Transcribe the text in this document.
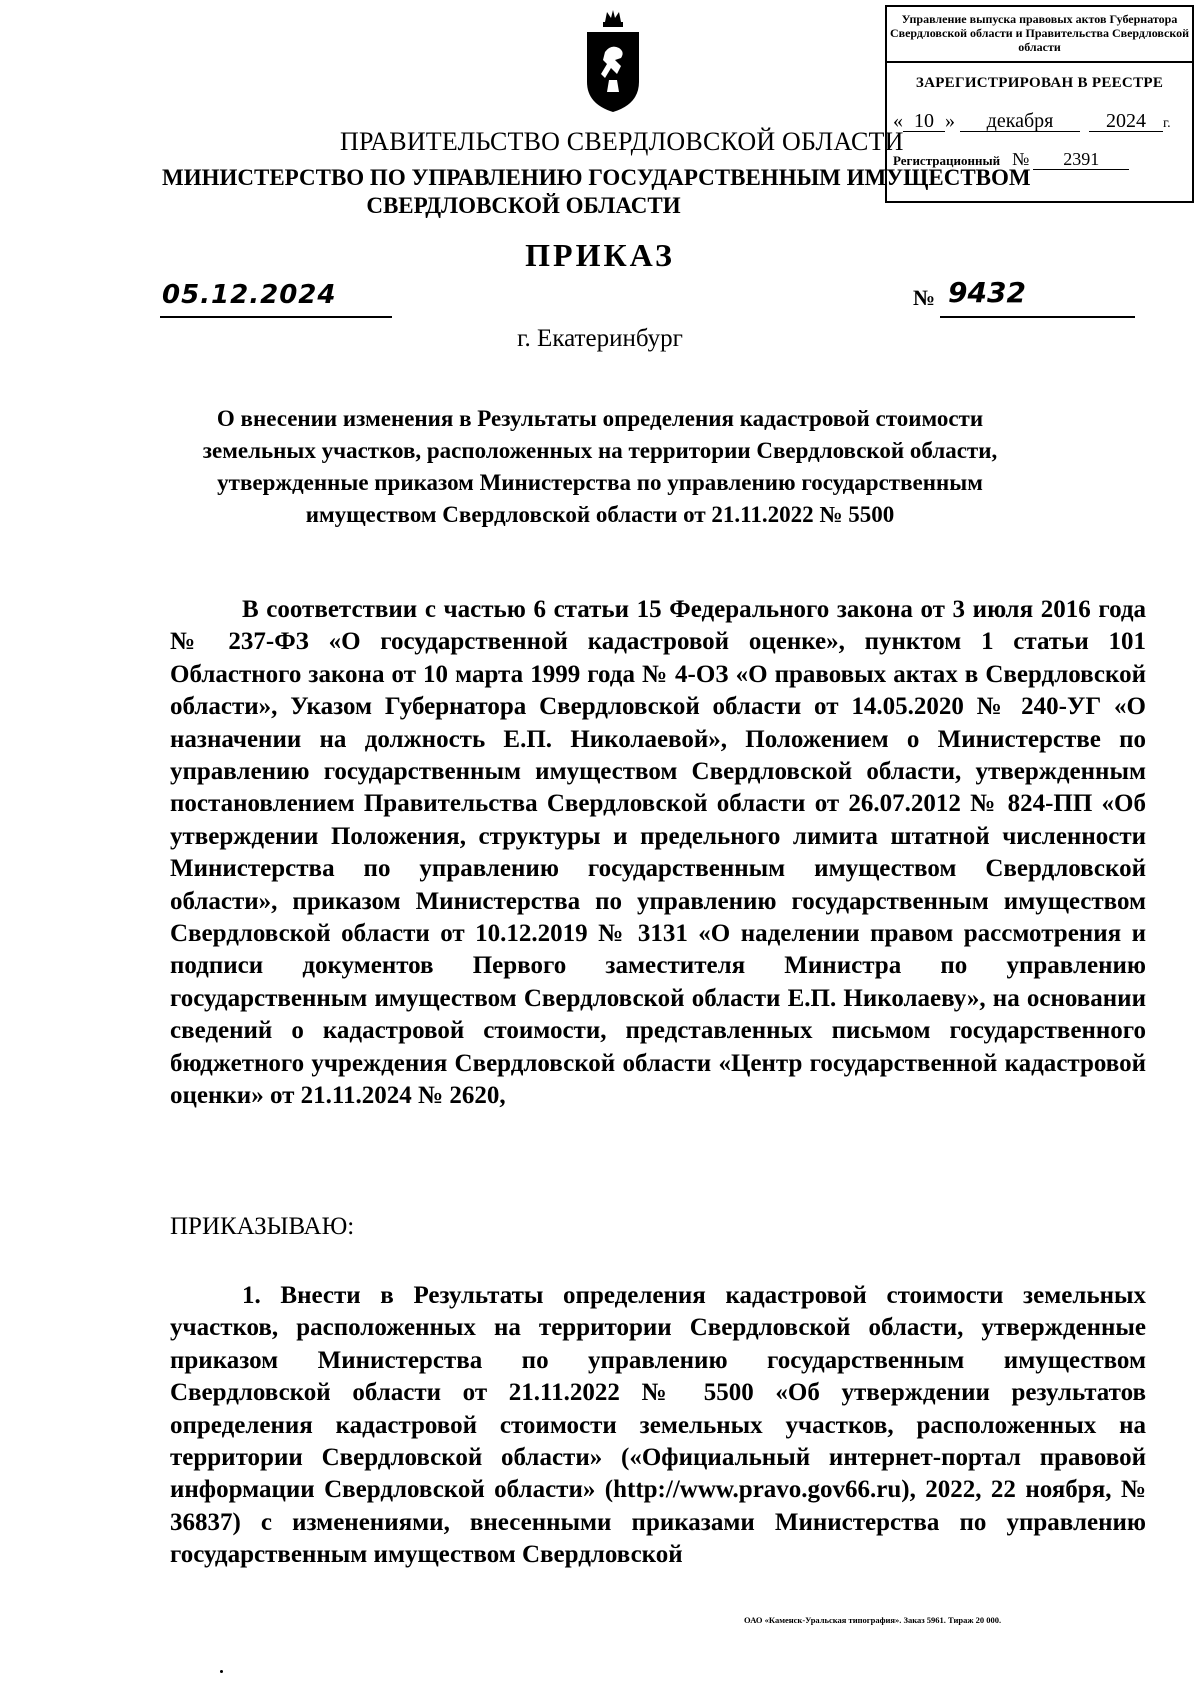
Управление выпуска правовых актов Губернатора Свердловской области и Правительства Свердловской области
ЗАРЕГИСТРИРОВАН В РЕЕСТРЕ
« 10 » декабря	2024 г.
Регистрационный № 2391
ПРАВИТЕЛЬСТВО СВЕРДЛОВСКОЙ ОБЛАСТИ
МИНИСТЕРСТВО ПО УПРАВЛЕНИЮ ГОСУДАРСТВЕННЫМ ИМУЩЕСТВОМ
СВЕРДЛОВСКОЙ ОБЛАСТИ
ПРИКАЗ
05.12.2024	№ 9432
г. Екатеринбург
О внесении изменения в Результаты определения кадастровой стоимости земельных участков, расположенных на территории Свердловской области, утвержденные приказом Министерства по управлению государственным имуществом Свердловской области от 21.11.2022 № 5500
В соответствии с частью 6 статьи 15 Федерального закона от 3 июля 2016 года № 237-ФЗ «О государственной кадастровой оценке», пунктом 1 статьи 101 Областного закона от 10 марта 1999 года № 4-ОЗ «О правовых актах в Свердловской области», Указом Губернатора Свердловской области от 14.05.2020 № 240-УГ «О назначении на должность Е.П. Николаевой», Положением о Министерстве по управлению государственным имуществом Свердловской области, утвержденным постановлением Правительства Свердловской области от 26.07.2012 № 824-ПП «Об утверждении Положения, структуры и предельного лимита штатной численности Министерства по управлению государственным имуществом Свердловской области», приказом Министерства по управлению государственным имуществом Свердловской области от 10.12.2019 № 3131 «О наделении правом рассмотрения и подписи документов Первого заместителя Министра по управлению государственным имуществом Свердловской области Е.П. Николаеву», на основании сведений о кадастровой стоимости, представленных письмом государственного бюджетного учреждения Свердловской области «Центр государственной кадастровой оценки» от 21.11.2024 № 2620,
ПРИКАЗЫВАЮ:
1. Внести в Результаты определения кадастровой стоимости земельных участков, расположенных на территории Свердловской области, утвержденные приказом Министерства по управлению государственным имуществом Свердловской области от 21.11.2022 № 5500 «Об утверждении результатов определения кадастровой стоимости земельных участков, расположенных на территории Свердловской области» («Официальный интернет-портал правовой информации Свердловской области» (http://www.pravo.gov66.ru), 2022, 22 ноября, № 36837) с изменениями, внесенными приказами Министерства по управлению государственным имуществом Свердловской
ОАО «Каменск-Уральская типография». Заказ 5961. Тираж 20 000.
